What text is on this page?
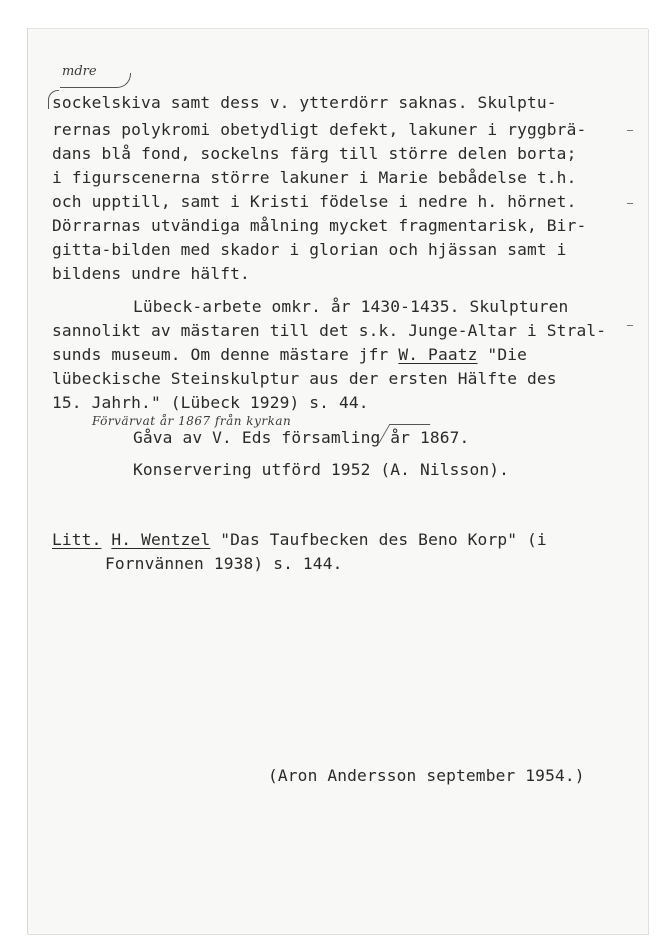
mdre
sockelskiva samt dess v. ytterdörr saknas. Skulptu-
rernas polykromi obetydligt defekt, lakuner i ryggbrä-
dans blå fond, sockelns färg till större delen borta;
i figurscenerna större lakuner i Marie bebådelse t.h.
och upptill, samt i Kristi födelse i nedre h. hörnet.
Dörrarnas utvändiga målning mycket fragmentarisk, Bir-
gitta-bilden med skador i glorian och hjässan samt i
bildens undre hälft.
Lübeck-arbete omkr. år 1430-1435. Skulpturen
sannolikt av mästaren till det s.k. Junge-Altar i Stral-
sunds museum. Om denne mästare jfr W. Paatz "Die
lübeckische Steinskulptur aus der ersten Hälfte des
15. Jahrh." (Lübeck 1929) s. 44.
Förvärvat år 1867 från kyrkan
Gåva av V. Eds församling år 1867.
Konservering utförd 1952 (A. Nilsson).
Litt. H. Wentzel "Das Taufbecken des Beno Korp" (i
Fornvännen 1938) s. 144.
(Aron Andersson september 1954.)
